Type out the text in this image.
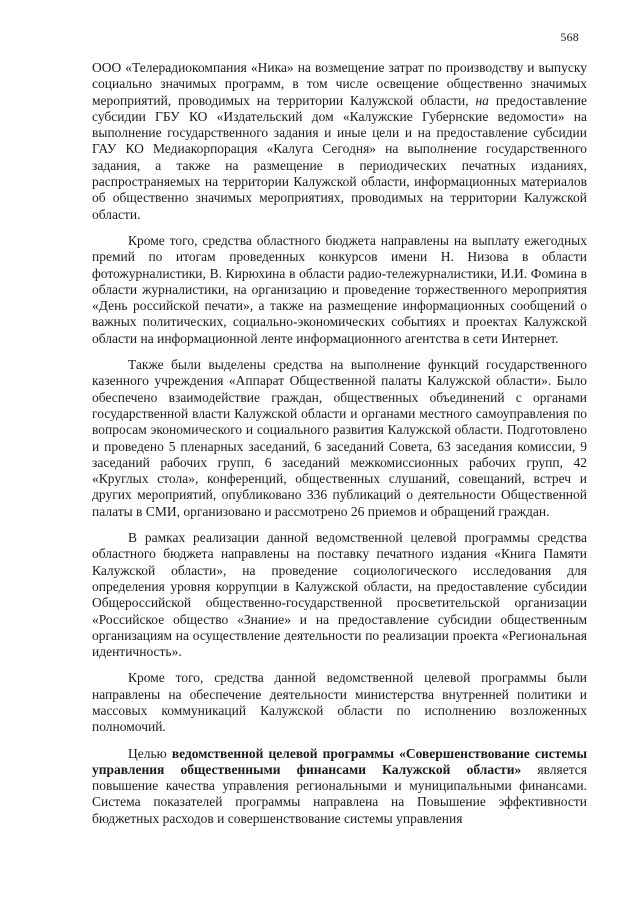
568

ООО «Телерадиокомпания «Ника» на возмещение затрат по производству и выпуску социально значимых программ, в том числе освещение общественно значимых мероприятий, проводимых на территории Калужской области, на предоставление субсидии ГБУ КО «Издательский дом «Калужские Губернские ведомости» на выполнение государственного задания и иные цели и на предоставление субсидии ГАУ КО Медиакорпорация «Калуга Сегодня» на выполнение государственного задания, а также на размещение в периодических печатных изданиях, распространяемых на территории Калужской области, информационных материалов об общественно значимых мероприятиях, проводимых на территории Калужской области.

Кроме того, средства областного бюджета направлены на выплату ежегодных премий по итогам проведенных конкурсов имени Н. Низова в области фотожурналистики, В. Кирюхина в области радио-тележурналистики, И.И. Фомина в области журналистики, на организацию и проведение торжественного мероприятия «День российской печати», а также на размещение информационных сообщений о важных политических, социально-экономических событиях и проектах Калужской области на информационной ленте информационного агентства в сети Интернет.

Также были выделены средства на выполнение функций государственного казенного учреждения «Аппарат Общественной палаты Калужской области». Было обеспечено взаимодействие граждан, общественных объединений с органами государственной власти Калужской области и органами местного самоуправления по вопросам экономического и социального развития Калужской области. Подготовлено и проведено 5 пленарных заседаний, 6 заседаний Совета, 63 заседания комиссии, 9 заседаний рабочих групп, 6 заседаний межкомиссионных рабочих групп, 42 «Круглых стола», конференций, общественных слушаний, совещаний, встреч и других мероприятий, опубликовано 336 публикаций о деятельности Общественной палаты в СМИ, организовано и рассмотрено 26 приемов и обращений граждан.

В рамках реализации данной ведомственной целевой программы средства областного бюджета направлены на поставку печатного издания «Книга Памяти Калужской области», на проведение социологического исследования для определения уровня коррупции в Калужской области, на предоставление субсидии Общероссийской общественно-государственной просветительской организации «Российское общество «Знание» и на предоставление субсидии общественным организациям на осуществление деятельности по реализации проекта «Региональная идентичность».

Кроме того, средства данной ведомственной целевой программы были направлены на обеспечение деятельности министерства внутренней политики и массовых коммуникаций Калужской области по исполнению возложенных полномочий.

Целью ведомственной целевой программы «Совершенствование системы управления общественными финансами Калужской области» является повышение качества управления региональными и муниципальными финансами. Система показателей программы направлена на Повышение эффективности бюджетных расходов и совершенствование системы управления
